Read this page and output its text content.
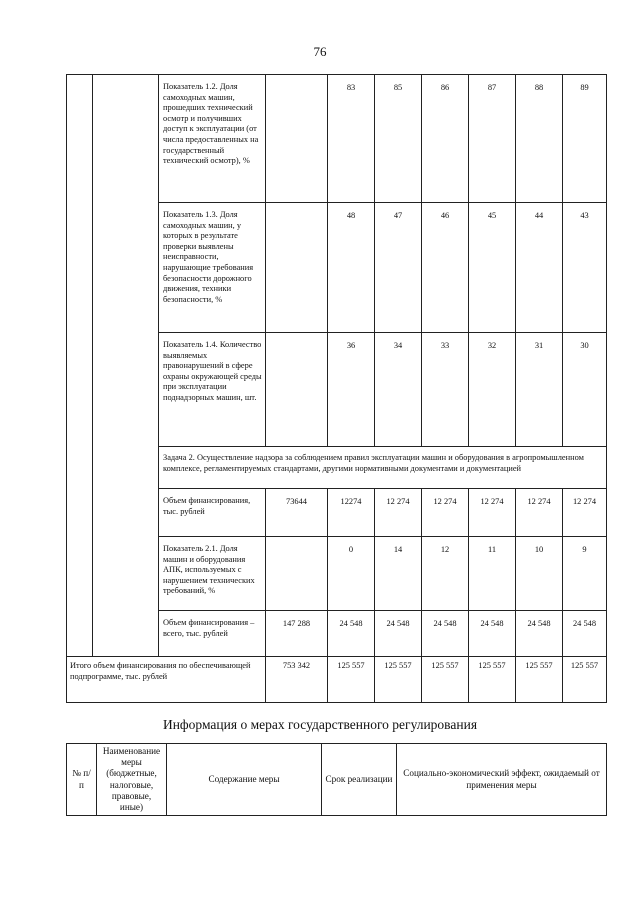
76
		Показатель 1.2. Доля самоходных машин, прошедших технический осмотр и получивших доступ к эксплуатации (от числа предоставленных на государственный технический осмотр), %		83	85	86	87	88	89
		Показатель 1.3. Доля самоходных машин, у которых в результате проверки выявлены неисправности, нарушающие требования безопасности дорожного движения, техники безопасности, %		48	47	46	45	44	43
		Показатель 1.4. Количество выявляемых правонарушений в сфере охраны окружающей среды при эксплуатации поднадзорных машин, шт.		36	34	33	32	31	30
		Задача 2. Осуществление надзора за соблюдением правил эксплуатации машин и оборудования в агропромышленном комплексе, регламентируемых стандартами, другими нормативными документами и документацией							
		Объем финансирования, тыс. рублей	73644	12274	12 274	12 274	12 274	12 274	12 274
		Показатель 2.1. Доля машин и оборудования АПК, используемых с нарушением технических требований, %		0	14	12	11	10	9
		Объем финансирования – всего, тыс. рублей	147 288	24 548	24 548	24 548	24 548	24 548	24 548
Итого объем финансирования по обеспечивающей подпрограмме, тыс. рублей			753 342	125 557	125 557	125 557	125 557	125 557	125 557
Информация о мерах государственного регулирования
№ п/п	Наименование меры (бюджетные, налоговые, правовые, иные)	Содержание меры	Срок реализации	Социально-экономический эффект, ожидаемый от применения меры
